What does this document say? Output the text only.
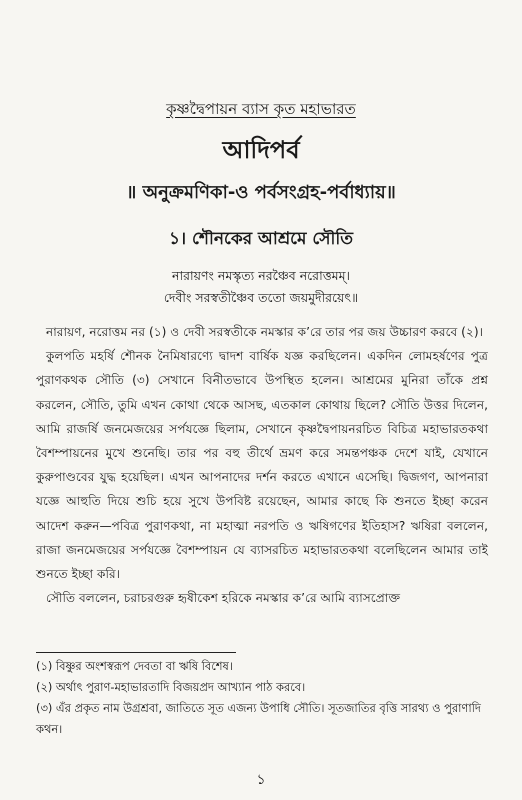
কৃষ্ণদ্বৈপায়ন ব্যাস কৃত মহাভারত
আদিপর্ব
॥ অনুক্রমণিকা-ও পর্বসংগ্রহ-পর্বাধ্যায়॥
১। শৌনকের আশ্রমে সৌতি
নারায়ণং নমস্কৃত্য নরঞ্চৈব নরোত্তমম্‌।
দেবীং সরস্বতীঞ্চৈব ততো জয়মুদীরয়েৎ॥

নারায়ণ, নরোত্তম নর (১) ও দেবী সরস্বতীকে নমস্কার ক’রে তার পর জয় উচ্চারণ করবে (২)।

কুলপতি মহর্ষি শৌনক নৈমিষারণ্যে দ্বাদশ বার্ষিক যজ্ঞ করছিলেন। একদিন লোমহর্ষণের পুত্র পুরাণকথক সৌতি (৩) সেখানে বিনীতভাবে উপস্থিত হলেন। আশ্রমের মুনিরা তাঁকে প্রশ্ন করলেন, সৌতি, তুমি এখন কোথা থেকে আসছ, এতকাল কোথায় ছিলে? সৌতি উত্তর দিলেন, আমি রাজর্ষি জনমেজয়ের সর্পযজ্ঞে ছিলাম, সেখানে কৃষ্ণদ্বৈপায়নরচিত বিচিত্র মহাভারতকথা বৈশম্পায়নের মুখে শুনেছি। তার পর বহু তীর্থে ভ্রমণ করে সমন্তপঞ্চক দেশে যাই, যেখানে কুরুপাণ্ডবের যুদ্ধ হয়েছিল। এখন আপনাদের দর্শন করতে এখানে এসেছি। দ্বিজগণ, আপনারা যজ্ঞে আহুতি দিয়ে শুচি হয়ে সুখে উপবিষ্ট রয়েছেন, আমার কাছে কি শুনতে ইচ্ছা করেন আদেশ করুন—পবিত্র পুরাণকথা, না মহাত্মা নরপতি ও ঋষিগণের ইতিহাস? ঋষিরা বললেন, রাজা জনমেজয়ের সর্পযজ্ঞে বৈশম্পায়ন যে ব্যাসরচিত মহাভারতকথা বলেছিলেন আমার তাই শুনতে ইচ্ছা করি।

সৌতি বললেন, চরাচরগুরু হৃষীকেশ হরিকে নমস্কার ক’রে আমি ব্যাসপ্রোক্ত

(১) বিষ্ণুর অংশস্বরূপ দেবতা বা ঋষি বিশেষ।
(২) অর্থাৎ পুরাণ-মহাভারতাদি বিজয়প্রদ আখ্যান পাঠ করবে।
(৩) এঁর প্রকৃত নাম উগ্রশ্রবা, জাতিতে সূত এজন্য উপাধি সৌতি। সূতজাতির বৃত্তি সারথ্য ও পুরাণাদি কথন।
১
